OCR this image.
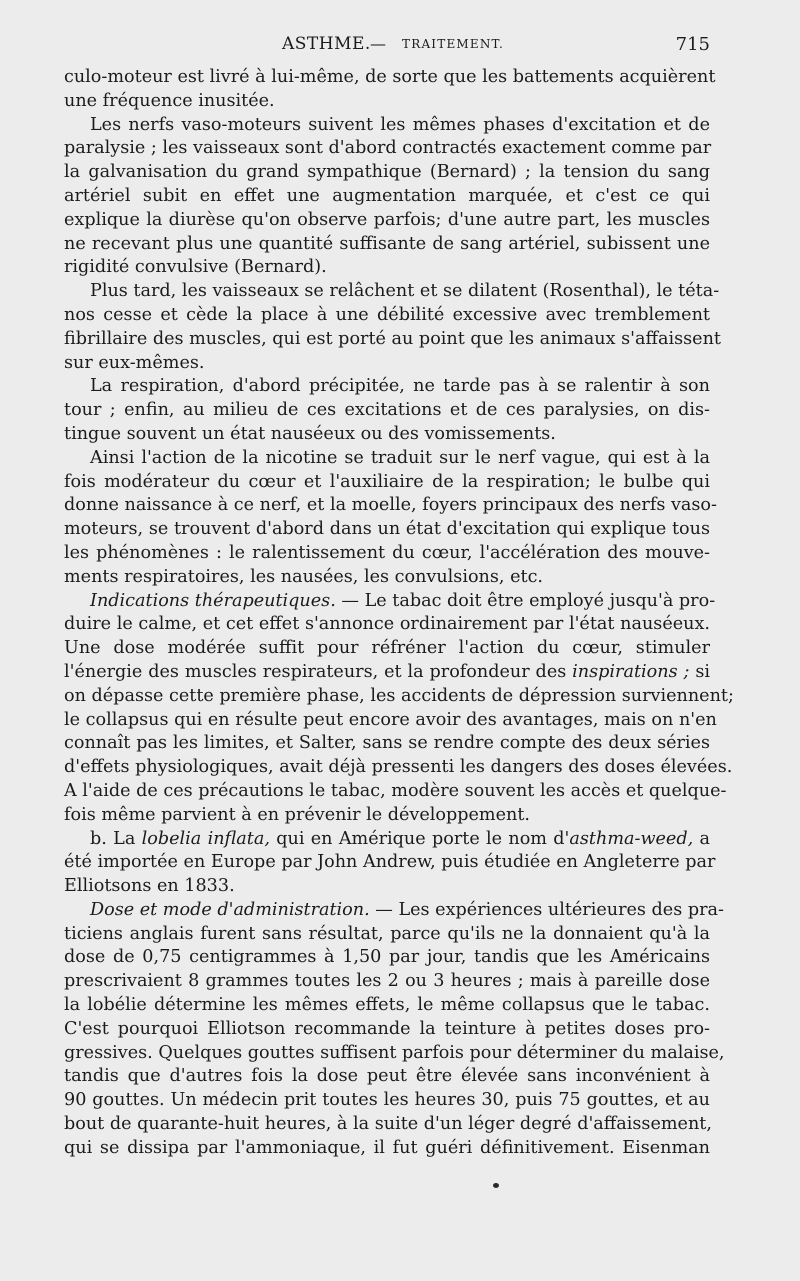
ASTHME. — TRAITEMENT.	715
culo-moteur est livré à lui-même, de sorte que les battements acquièrent
une fréquence inusitée.
Les nerfs vaso-moteurs suivent les mêmes phases d'excitation et de
paralysie ; les vaisseaux sont d'abord contractés exactement comme par
la galvanisation du grand sympathique (Bernard) ; la tension du sang
artériel subit en effet une augmentation marquée, et c'est ce qui
explique la diurèse qu'on observe parfois; d'une autre part, les muscles
ne recevant plus une quantité suffisante de sang artériel, subissent une
rigidité convulsive (Bernard).
Plus tard, les vaisseaux se relâchent et se dilatent (Rosenthal), le téta-
nos cesse et cède la place à une débilité excessive avec tremblement
fibrillaire des muscles, qui est porté au point que les animaux s'affaissent
sur eux-mêmes.
La respiration, d'abord précipitée, ne tarde pas à se ralentir à son
tour ; enfin, au milieu de ces excitations et de ces paralysies, on dis-
tingue souvent un état nauséeux ou des vomissements.
Ainsi l'action de la nicotine se traduit sur le nerf vague, qui est à la
fois modérateur du cœur et l'auxiliaire de la respiration; le bulbe qui
donne naissance à ce nerf, et la moelle, foyers principaux des nerfs vaso-
moteurs, se trouvent d'abord dans un état d'excitation qui explique tous
les phénomènes : le ralentissement du cœur, l'accélération des mouve-
ments respiratoires, les nausées, les convulsions, etc.
Indications thérapeutiques. — Le tabac doit être employé jusqu'à pro-
duire le calme, et cet effet s'annonce ordinairement par l'état nauséeux.
Une dose modérée suffit pour réfréner l'action du cœur, stimuler
l'énergie des muscles respirateurs, et la profondeur des inspirations ; si
on dépasse cette première phase, les accidents de dépression surviennent;
le collapsus qui en résulte peut encore avoir des avantages, mais on n'en
connaît pas les limites, et Salter, sans se rendre compte des deux séries
d'effets physiologiques, avait déjà pressenti les dangers des doses élevées.
A l'aide de ces précautions le tabac, modère souvent les accès et quelque-
fois même parvient à en prévenir le développement.
b. La lobelia inflata, qui en Amérique porte le nom d'asthma-weed, a
été importée en Europe par John Andrew, puis étudiée en Angleterre par
Elliotsons en 1833.
Dose et mode d'administration. — Les expériences ultérieures des pra-
ticiens anglais furent sans résultat, parce qu'ils ne la donnaient qu'à la
dose de 0,75 centigrammes à 1,50 par jour, tandis que les Américains
prescrivaient 8 grammes toutes les 2 ou 3 heures ; mais à pareille dose
la lobélie détermine les mêmes effets, le même collapsus que le tabac.
C'est pourquoi Elliotson recommande la teinture à petites doses pro-
gressives. Quelques gouttes suffisent parfois pour déterminer du malaise,
tandis que d'autres fois la dose peut être élevée sans inconvénient à
90 gouttes. Un médecin prit toutes les heures 30, puis 75 gouttes, et au
bout de quarante-huit heures, à la suite d'un léger degré d'affaissement,
qui se dissipa par l'ammoniaque, il fut guéri définitivement. Eisenman
